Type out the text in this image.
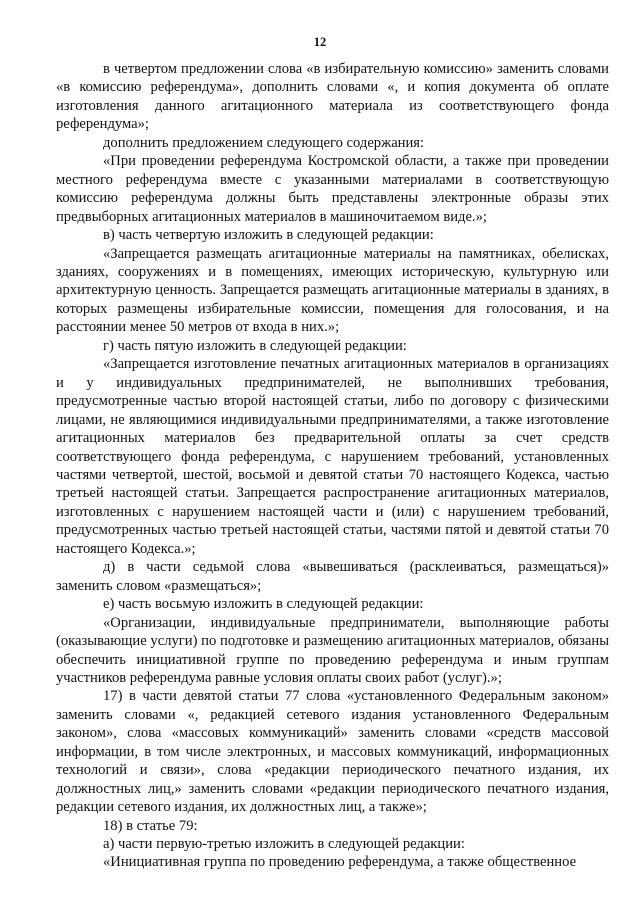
12

в четвертом предложении слова «в избирательную комиссию» заменить словами «в комиссию референдума», дополнить словами «, и копия документа об оплате изготовления данного агитационного материала из соответствующего фонда референдума»;

дополнить предложением следующего содержания:

«При проведении референдума Костромской области, а также при проведении местного референдума вместе с указанными материалами в соответствующую комиссию референдума должны быть представлены электронные образы этих предвыборных агитационных материалов в машиночитаемом виде.»;

в) часть четвертую изложить в следующей редакции:

«Запрещается размещать агитационные материалы на памятниках, обелисках, зданиях, сооружениях и в помещениях, имеющих историческую, культурную или архитектурную ценность. Запрещается размещать агитационные материалы в зданиях, в которых размещены избирательные комиссии, помещения для голосования, и на расстоянии менее 50 метров от входа в них.»;

г) часть пятую изложить в следующей редакции:

«Запрещается изготовление печатных агитационных материалов в организациях и у индивидуальных предпринимателей, не выполнивших требования, предусмотренные частью второй настоящей статьи, либо по договору с физическими лицами, не являющимися индивидуальными предпринимателями, а также изготовление агитационных материалов без предварительной оплаты за счет средств соответствующего фонда референдума, с нарушением требований, установленных частями четвертой, шестой, восьмой и девятой статьи 70 настоящего Кодекса, частью третьей настоящей статьи. Запрещается распространение агитационных материалов, изготовленных с нарушением настоящей части и (или) с нарушением требований, предусмотренных частью третьей настоящей статьи, частями пятой и девятой статьи 70 настоящего Кодекса.»;

д) в части седьмой слова «вывешиваться (расклеиваться, размещаться)» заменить словом «размещаться»;

е) часть восьмую изложить в следующей редакции:

«Организации, индивидуальные предприниматели, выполняющие работы (оказывающие услуги) по подготовке и размещению агитационных материалов, обязаны обеспечить инициативной группе по проведению референдума и иным группам участников референдума равные условия оплаты своих работ (услуг).»;

17) в части девятой статьи 77 слова «установленного Федеральным законом» заменить словами «, редакцией сетевого издания установленного Федеральным законом», слова «массовых коммуникаций» заменить словами «средств массовой информации, в том числе электронных, и массовых коммуникаций, информационных технологий и связи», слова «редакции периодического печатного издания, их должностных лиц,» заменить словами «редакции периодического печатного издания, редакции сетевого издания, их должностных лиц, а также»;

18) в статье 79:

а) части первую-третью изложить в следующей редакции:

«Инициативная группа по проведению референдума, а также общественное
